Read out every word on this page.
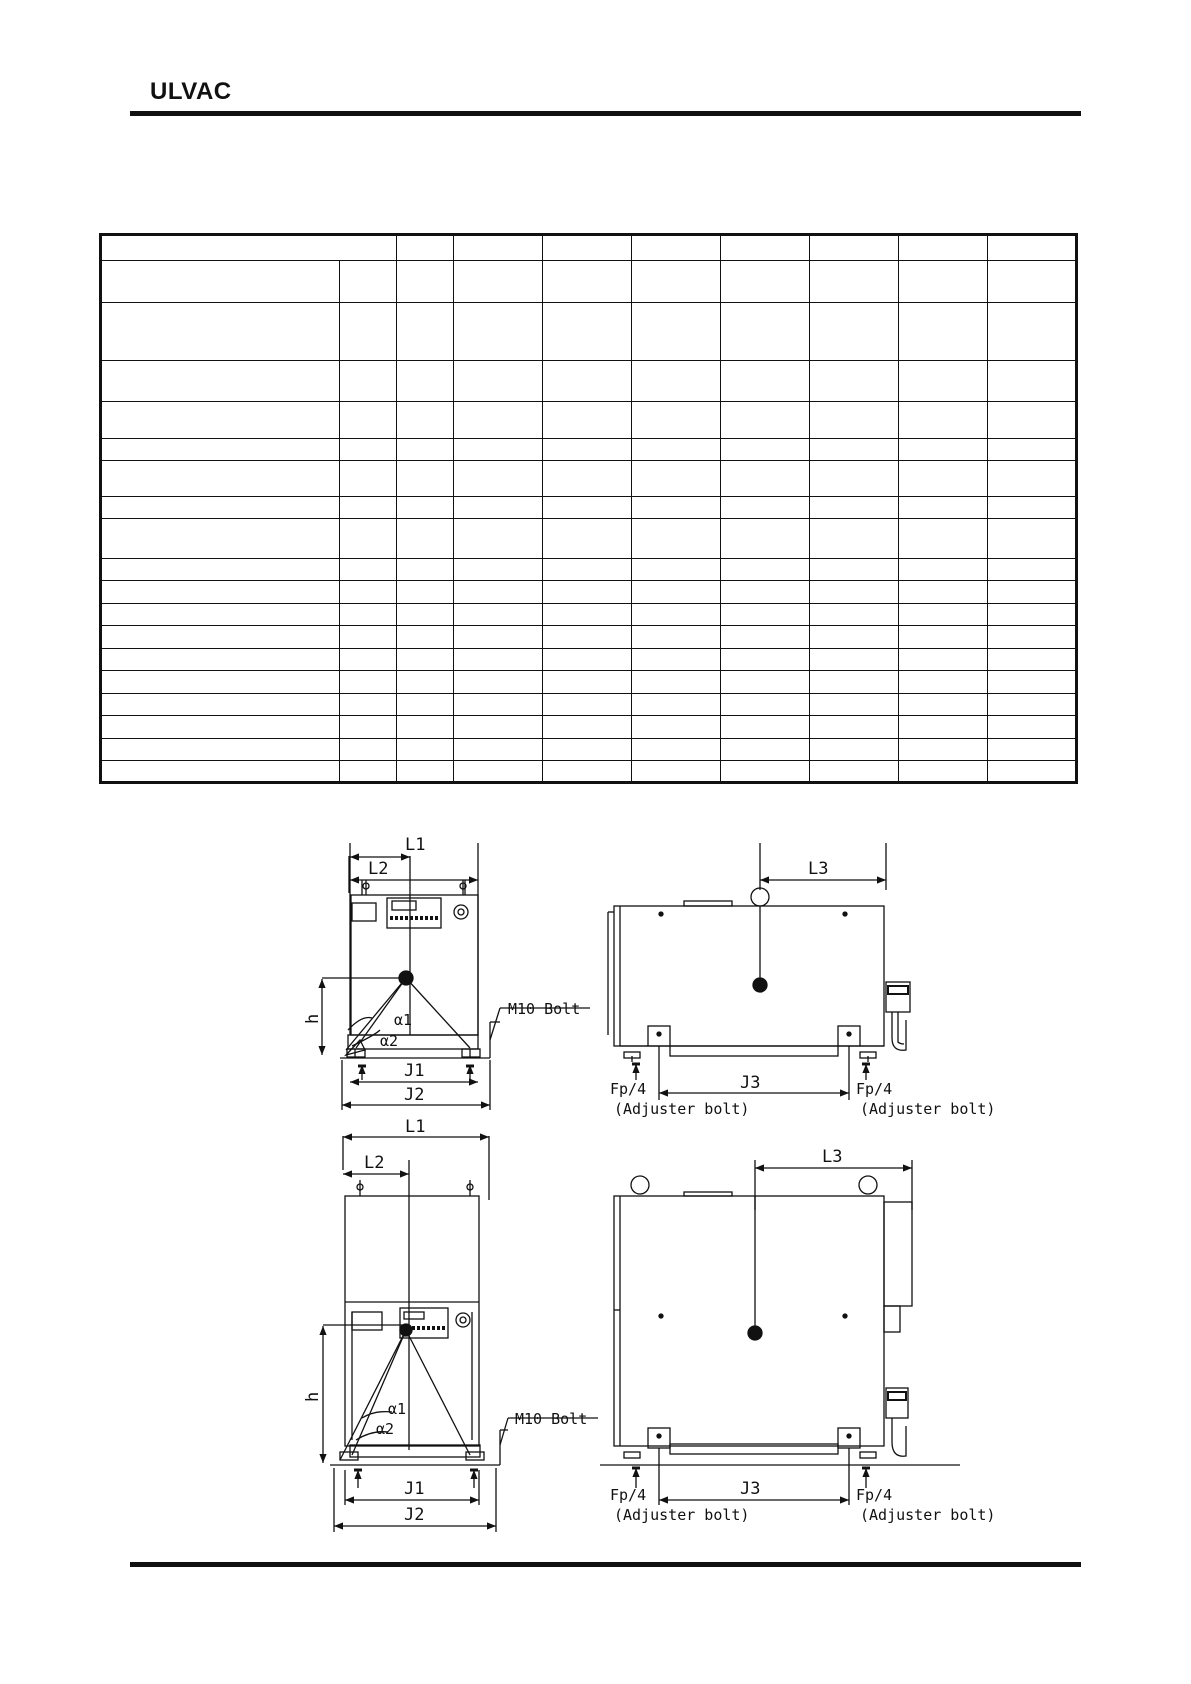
ULVAC

L1
L2	L3
h	α1
α2
M10 Bolt
J1
J2
J3
Fp/4
(Adjuster bolt)
Fp/4
(Adjuster bolt)
L1
L2	L3
h
α1
α2
M10 Bolt
J1
J2
J3
Fp/4
(Adjuster bolt)
Fp/4
(Adjuster bolt)
